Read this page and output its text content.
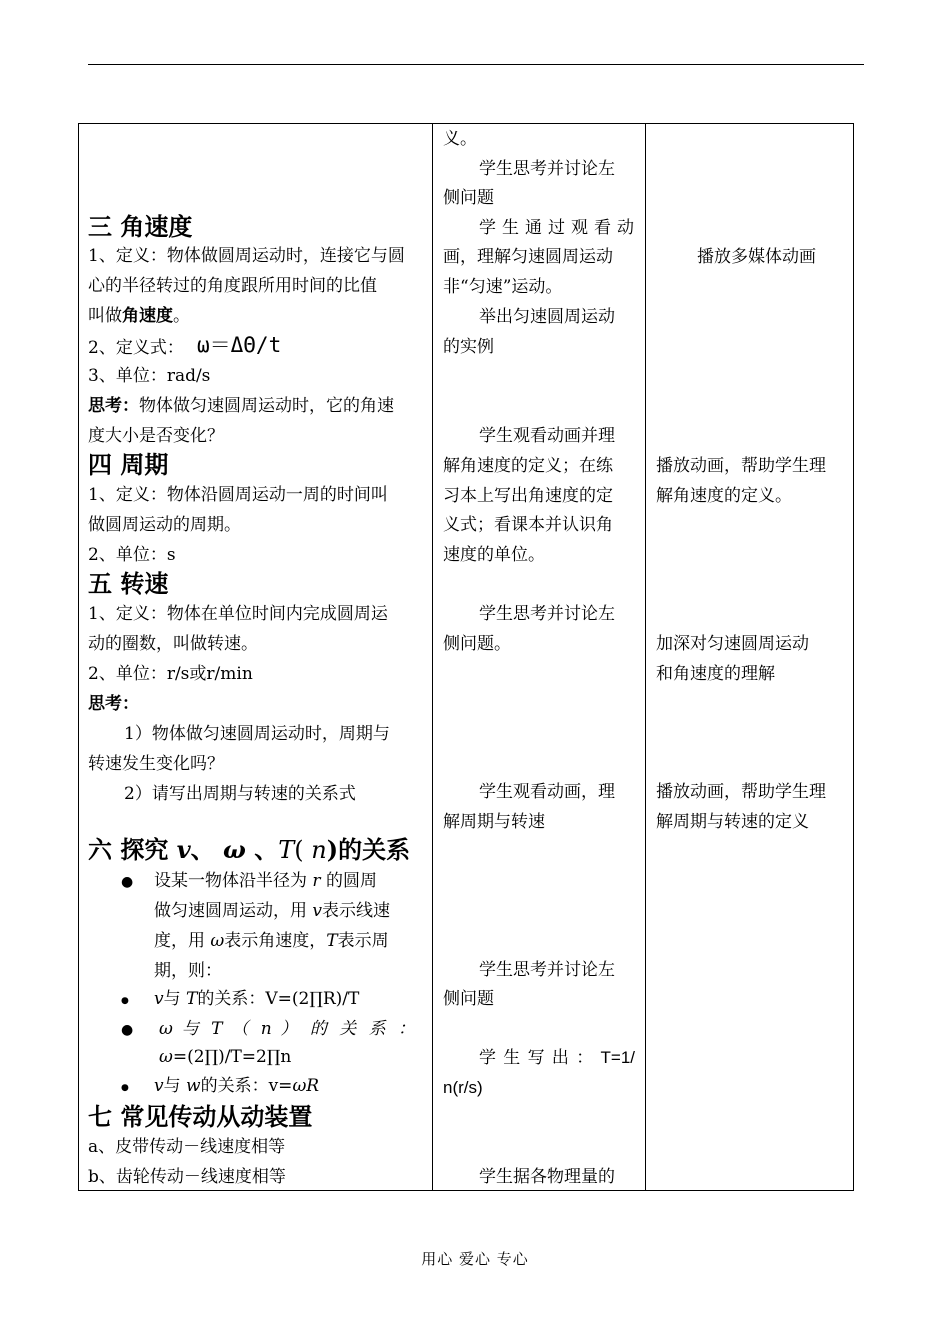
三 角速度
1、定义：物体做圆周运动时，连接它与圆
心的半径转过的角度跟所用时间的比值
叫做角速度。
2、定义式： ω＝ΔΘ/t
3、单位：rad/s
思考：物体做匀速圆周运动时，它的角速
度大小是否变化？
四 周期
1、定义：物体沿圆周运动一周的时间叫
做圆周运动的周期。
2、单位：s
五 转速
1、定义：物体在单位时间内完成圆周运
动的圈数，叫做转速。
2、单位：r/s或r/min
思考：
1）物体做匀速圆周运动时，周期与
转速发生变化吗？
2）请写出周期与转速的关系式
六 探究 v、 ω 、T( n)的关系
● 设某一物体沿半径为 r 的圆周
做匀速圆周运动，用 v表示线速
度，用 ω表示角速度，T表示周
期，则：
● v与 T的关系：V=(2∏R)/T
● ω 与 T （ n ） 的 关 系 ：
ω=(2∏)/T=2∏n
● v与 w的关系：v=ωR
七 常见传动从动装置
a、皮带传动－线速度相等
b、齿轮传动－线速度相等
义。
学生思考并讨论左
侧问题
学生通过观看动
画，理解匀速圆周运动
非“匀速”运动。
举出匀速圆周运动
的实例
学生观看动画并理
解角速度的定义；在练
习本上写出角速度的定
义式；看课本并认识角
速度的单位。
学生思考并讨论左
侧问题。
学生观看动画，理
解周期与转速
学生思考并讨论左
侧问题
学 生 写 出 ： T=1/
n(r/s)
学生据各物理量的
播放多媒体动画
播放动画，帮助学生理
解角速度的定义。
加深对匀速圆周运动
和角速度的理解
播放动画，帮助学生理
解周期与转速的定义
用心 爱心 专心
